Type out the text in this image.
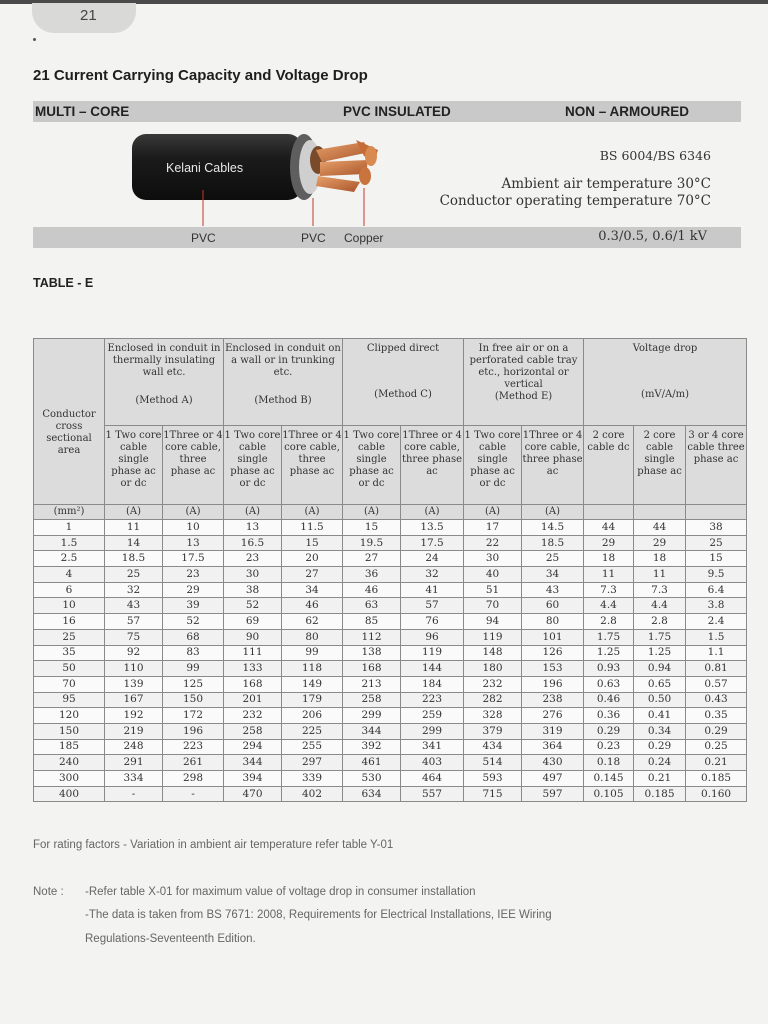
21
21 Current Carrying Capacity and Voltage Drop
MULTI – CORE	PVC INSULATED	NON – ARMOURED
Kelani Cables
BS 6004/BS 6346
Ambient air temperature 30°C
Conductor operating temperature 70°C
PVC	PVC Copper	0.3/0.5, 0.6/1 kV
TABLE - E
Conductor cross sectional area	Enclosed in conduit in thermally insulating wall etc.
(Method A)		Enclosed in conduit on a wall or in trunking etc.
(Method B)		Clipped direct
(Method C)		In free air or on a perforated cable tray etc., horizontal or vertical
(Method E)		Voltage drop
(mV/A/m)		

	1 Two core cable single phase ac or dc	1Three or 4 core cable, three phase ac	1 Two core cable single phase ac or dc	1Three or 4 core cable, three phase ac	1 Two core cable single phase ac or dc	1Three or 4 core cable, three phase ac	1 Two core cable single phase ac or dc	1Three or 4 core cable, three phase ac	2 core cable dc	2 core cable single phase ac	3 or 4 core cable three phase ac
(mm²)	(A)	(A)	(A)	(A)	(A)	(A)	(A)	(A)			
1	11	10	13	11.5	15	13.5	17	14.5	44	44	38
1.5	14	13	16.5	15	19.5	17.5	22	18.5	29	29	25
2.5	18.5	17.5	23	20	27	24	30	25	18	18	15
4	25	23	30	27	36	32	40	34	11	11	9.5
6	32	29	38	34	46	41	51	43	7.3	7.3	6.4
10	43	39	52	46	63	57	70	60	4.4	4.4	3.8
16	57	52	69	62	85	76	94	80	2.8	2.8	2.4
25	75	68	90	80	112	96	119	101	1.75	1.75	1.5
35	92	83	111	99	138	119	148	126	1.25	1.25	1.1
50	110	99	133	118	168	144	180	153	0.93	0.94	0.81
70	139	125	168	149	213	184	232	196	0.63	0.65	0.57
95	167	150	201	179	258	223	282	238	0.46	0.50	0.43
120	192	172	232	206	299	259	328	276	0.36	0.41	0.35
150	219	196	258	225	344	299	379	319	0.29	0.34	0.29
185	248	223	294	255	392	341	434	364	0.23	0.29	0.25
240	291	261	344	297	461	403	514	430	0.18	0.24	0.21
300	334	298	394	339	530	464	593	497	0.145	0.21	0.185
400	-	-	470	402	634	557	715	597	0.105	0.185	0.160
For rating factors - Variation in ambient air temperature refer table Y-01
Note : -Refer table X-01 for maximum value of voltage drop in consumer installation
-The data is taken from BS 7671: 2008, Requirements for Electrical Installations, IEE Wiring
Regulations-Seventeenth Edition.
